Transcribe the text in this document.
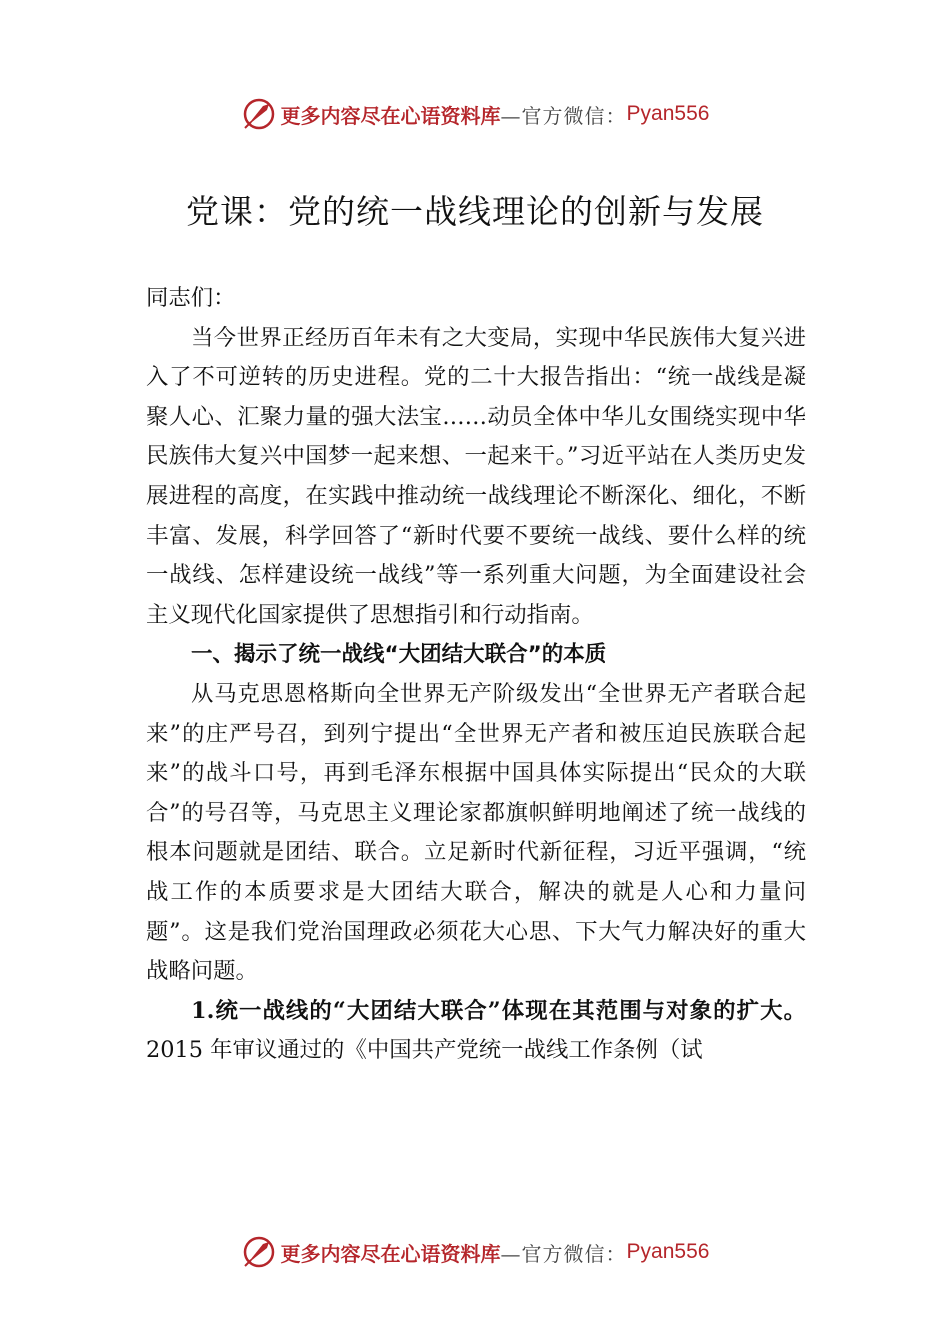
更多内容尽在心语资料库 —官方微信： Pyan556
党课：党的统一战线理论的创新与发展

同志们：

当今世界正经历百年未有之大变局，实现中华民族伟大复兴进入了不可逆转的历史进程。党的二十大报告指出：“统一战线是凝聚人心、汇聚力量的强大法宝……动员全体中华儿女围绕实现中华民族伟大复兴中国梦一起来想、一起来干。”习近平站在人类历史发展进程的高度，在实践中推动统一战线理论不断深化、细化，不断丰富、发展，科学回答了“新时代要不要统一战线、要什么样的统一战线、怎样建设统一战线”等一系列重大问题，为全面建设社会主义现代化国家提供了思想指引和行动指南。

一、揭示了统一战线“大团结大联合”的本质

从马克思恩格斯向全世界无产阶级发出“全世界无产者联合起来”的庄严号召，到列宁提出“全世界无产者和被压迫民族联合起来”的战斗口号，再到毛泽东根据中国具体实际提出“民众的大联合”的号召等，马克思主义理论家都旗帜鲜明地阐述了统一战线的根本问题就是团结、联合。立足新时代新征程，习近平强调，“统战工作的本质要求是大团结大联合，解决的就是人心和力量问题”。这是我们党治国理政必须花大心思、下大气力解决好的重大战略问题。

1.统一战线的“大团结大联合”体现在其范围与对象的扩大。2015 年审议通过的《中国共产党统一战线工作条例（试

更多内容尽在心语资料库 —官方微信： Pyan556
